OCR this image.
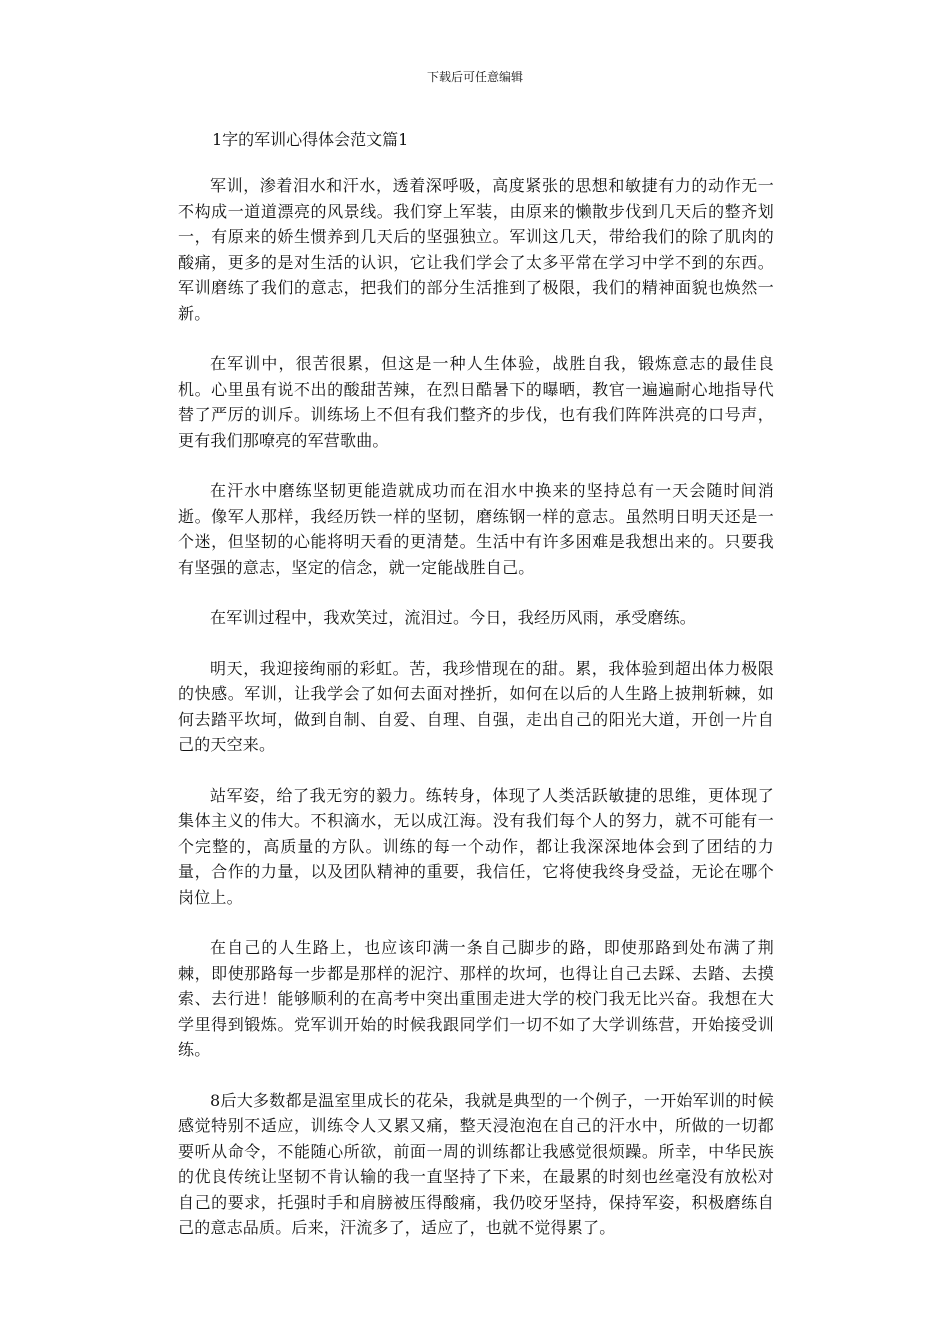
下载后可任意编辑
1字的军训心得体会范文篇1

军训，渗着泪水和汗水，透着深呼吸，高度紧张的思想和敏捷有力的动作无一不构成一道道漂亮的风景线。我们穿上军装，由原来的懒散步伐到几天后的整齐划一，有原来的娇生惯养到几天后的坚强独立。军训这几天，带给我们的除了肌肉的酸痛，更多的是对生活的认识，它让我们学会了太多平常在学习中学不到的东西。军训磨练了我们的意志，把我们的部分生活推到了极限，我们的精神面貌也焕然一新。

在军训中，很苦很累，但这是一种人生体验，战胜自我，锻炼意志的最佳良机。心里虽有说不出的酸甜苦辣，在烈日酷暑下的曝晒，教官一遍遍耐心地指导代替了严厉的训斥。训练场上不但有我们整齐的步伐，也有我们阵阵洪亮的口号声，更有我们那嘹亮的军营歌曲。

在汗水中磨练坚韧更能造就成功而在泪水中换来的坚持总有一天会随时间消逝。像军人那样，我经历铁一样的坚韧，磨练钢一样的意志。虽然明日明天还是一个迷，但坚韧的心能将明天看的更清楚。生活中有许多困难是我想出来的。只要我有坚强的意志，坚定的信念，就一定能战胜自己。

在军训过程中，我欢笑过，流泪过。今日，我经历风雨，承受磨练。

明天，我迎接绚丽的彩虹。苦，我珍惜现在的甜。累，我体验到超出体力极限的快感。军训，让我学会了如何去面对挫折，如何在以后的人生路上披荆斩棘，如何去踏平坎坷，做到自制、自爱、自理、自强，走出自己的阳光大道，开创一片自己的天空来。

站军姿，给了我无穷的毅力。练转身，体现了人类活跃敏捷的思维，更体现了集体主义的伟大。不积滴水，无以成江海。没有我们每个人的努力，就不可能有一个完整的，高质量的方队。训练的每一个动作，都让我深深地体会到了团结的力量，合作的力量，以及团队精神的重要，我信任，它将使我终身受益，无论在哪个岗位上。

在自己的人生路上，也应该印满一条自己脚步的路，即使那路到处布满了荆棘，即使那路每一步都是那样的泥泞、那样的坎坷，也得让自己去踩、去踏、去摸索、去行进！能够顺利的在高考中突出重围走进大学的校门我无比兴奋。我想在大学里得到锻炼。党军训开始的时候我跟同学们一切不如了大学训练营，开始接受训练。

8后大多数都是温室里成长的花朵，我就是典型的一个例子，一开始军训的时候感觉特别不适应，训练令人又累又痛，整天浸泡泡在自己的汗水中，所做的一切都要听从命令，不能随心所欲，前面一周的训练都让我感觉很烦躁。所幸，中华民族的优良传统让坚韧不肯认输的我一直坚持了下来，在最累的时刻也丝毫没有放松对自己的要求，托强时手和肩膀被压得酸痛，我仍咬牙坚持，保持军姿，积极磨练自己的意志品质。后来，汗流多了，适应了，也就不觉得累了。
